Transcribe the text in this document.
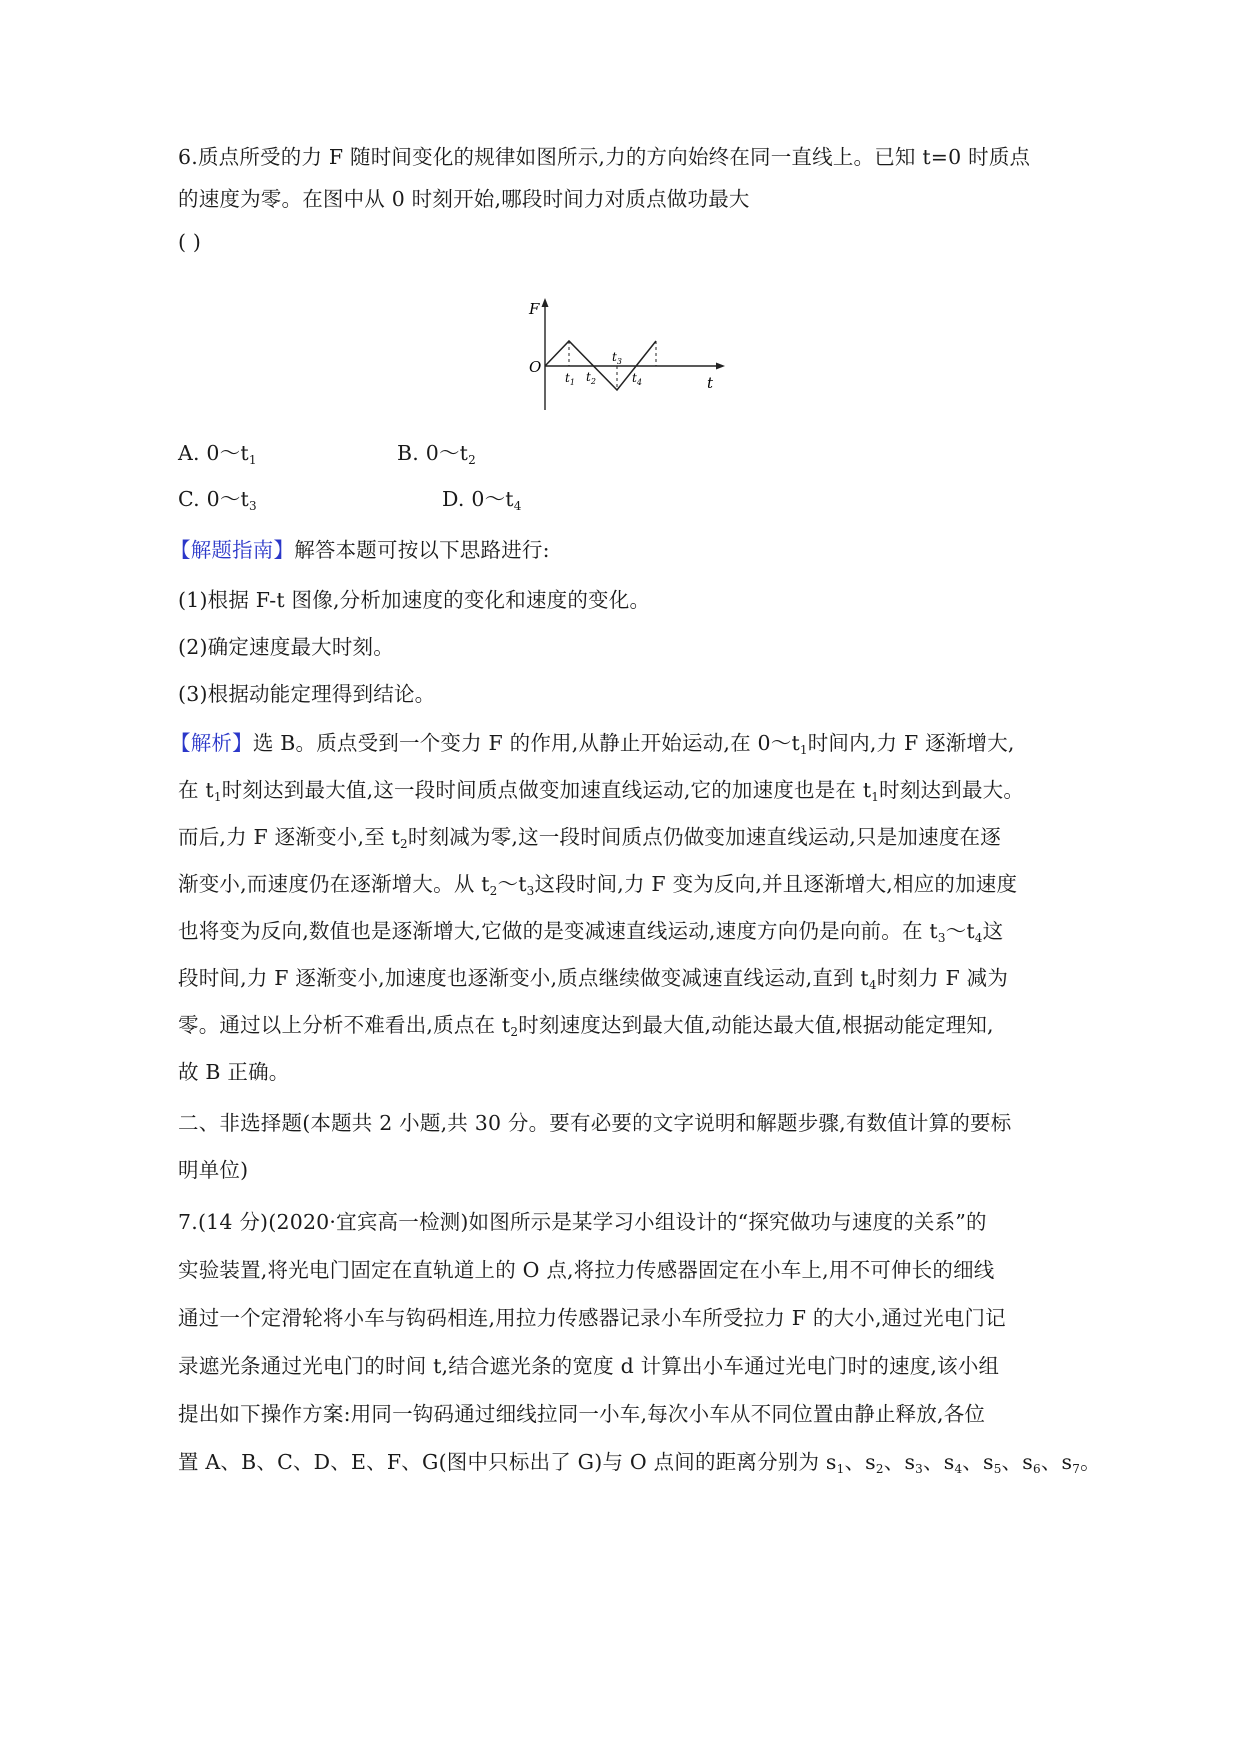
6.质点所受的力 F 随时间变化的规律如图所示,力的方向始终在同一直线上。已知 t=0 时质点
的速度为零。在图中从 0 时刻开始,哪段时间力对质点做功最大
( )
F
O
t
$t_1$ $t_2$
$t_3$
$t_4$
A. $0\sim t_1$	B. $0\sim t_2$
C. $0\sim t_3$	D. $0\sim t_4$
【解题指南】解答本题可按以下思路进行:
(1)根据 F-t 图像,分析加速度的变化和速度的变化。
(2)确定速度最大时刻。
(3)根据动能定理得到结论。
【解析】选 B。质点受到一个变力 F 的作用,从静止开始运动,在 $0\sim t_1$时间内,力 F 逐渐增大,
在 $t_1$时刻达到最大值,这一段时间质点做变加速直线运动,它的加速度也是在 $t_1$时刻达到最大。
而后,力 F 逐渐变小,至 $t_2$时刻减为零,这一段时间质点仍做变加速直线运动,只是加速度在逐
渐变小,而速度仍在逐渐增大。从 $t_2\sim t_3$这段时间,力 F 变为反向,并且逐渐增大,相应的加速度
也将变为反向,数值也是逐渐增大,它做的是变减速直线运动,速度方向仍是向前。在 $t_3\sim t_4$这
段时间,力 F 逐渐变小,加速度也逐渐变小,质点继续做变减速直线运动,直到 $t_4$时刻力 F 减为
零。通过以上分析不难看出,质点在 $t_2$时刻速度达到最大值,动能达最大值,根据动能定理知,
故 B 正确。
二、非选择题(本题共 2 小题,共 30 分。要有必要的文字说明和解题步骤,有数值计算的要标
明单位)
7.(14 分)(2020·宜宾高一检测)如图所示是某学习小组设计的“探究做功与速度的关系”的
实验装置,将光电门固定在直轨道上的 O 点,将拉力传感器固定在小车上,用不可伸长的细线
通过一个定滑轮将小车与钩码相连,用拉力传感器记录小车所受拉力 F 的大小,通过光电门记
录遮光条通过光电门的时间 t,结合遮光条的宽度 d 计算出小车通过光电门时的速度,该小组
提出如下操作方案:用同一钩码通过细线拉同一小车,每次小车从不同位置由静止释放,各位
置 A、B、C、D、E、F、G(图中只标出了 G)与 O 点间的距离分别为 $s_1$、$s_2$、$s_3$、$s_4$、$s_5$、$s_6$、$s_7$。
